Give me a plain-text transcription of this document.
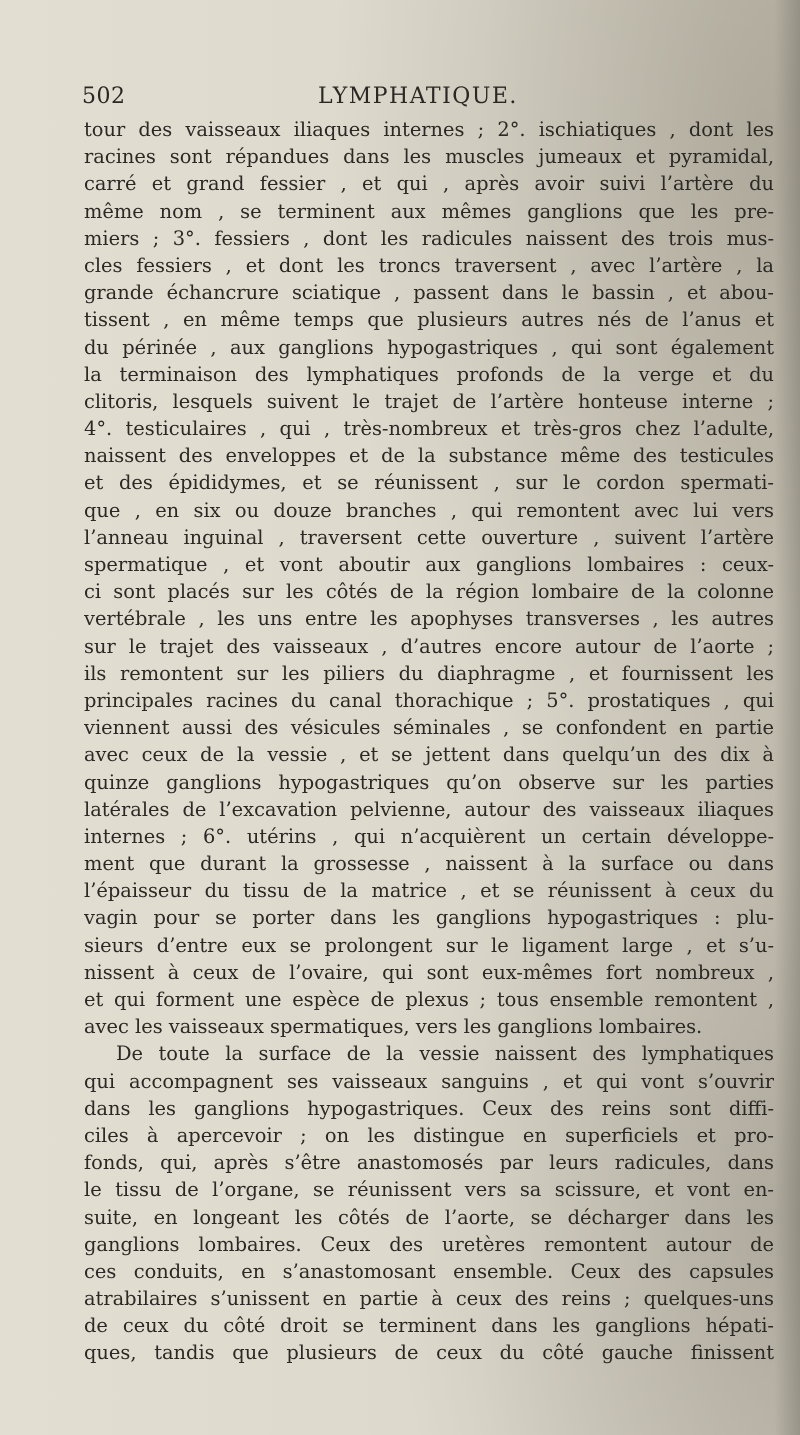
502	LYMPHATIQUE.
tour des vaisseaux iliaques internes ; 2°. ischiatiques , dont les
racines sont répandues dans les muscles jumeaux et pyramidal,
carré et grand fessier , et qui , après avoir suivi l’artère du
même nom , se terminent aux mêmes ganglions que les pre-
miers ; 3°. fessiers , dont les radicules naissent des trois mus-
cles fessiers , et dont les troncs traversent , avec l’artère , la
grande échancrure sciatique , passent dans le bassin , et abou-
tissent , en même temps que plusieurs autres nés de l’anus et
du périnée , aux ganglions hypogastriques , qui sont également
la terminaison des lymphatiques profonds de la verge et du
clitoris, lesquels suivent le trajet de l’artère honteuse interne ;
4°. testiculaires , qui , très-nombreux et très-gros chez l’adulte,
naissent des enveloppes et de la substance même des testicules
et des épididymes, et se réunissent , sur le cordon spermati-
que , en six ou douze branches , qui remontent avec lui vers
l’anneau inguinal , traversent cette ouverture , suivent l’artère
spermatique , et vont aboutir aux ganglions lombaires : ceux-
ci sont placés sur les côtés de la région lombaire de la colonne
vertébrale , les uns entre les apophyses transverses , les autres
sur le trajet des vaisseaux , d’autres encore autour de l’aorte ;
ils remontent sur les piliers du diaphragme , et fournissent les
principales racines du canal thorachique ; 5°. prostatiques , qui
viennent aussi des vésicules séminales , se confondent en partie
avec ceux de la vessie , et se jettent dans quelqu’un des dix à
quinze ganglions hypogastriques qu’on observe sur les parties
latérales de l’excavation pelvienne, autour des vaisseaux iliaques
internes ; 6°. utérins , qui n’acquièrent un certain développe-
ment que durant la grossesse , naissent à la surface ou dans
l’épaisseur du tissu de la matrice , et se réunissent à ceux du
vagin pour se porter dans les ganglions hypogastriques : plu-
sieurs d’entre eux se prolongent sur le ligament large , et s’u-
nissent à ceux de l’ovaire, qui sont eux-mêmes fort nombreux ,
et qui forment une espèce de plexus ; tous ensemble remontent ,
avec les vaisseaux spermatiques, vers les ganglions lombaires.
De toute la surface de la vessie naissent des lymphatiques
qui accompagnent ses vaisseaux sanguins , et qui vont s’ouvrir
dans les ganglions hypogastriques. Ceux des reins sont diffi-
ciles à apercevoir ; on les distingue en superficiels et pro-
fonds, qui, après s’être anastomosés par leurs radicules, dans
le tissu de l’organe, se réunissent vers sa scissure, et vont en-
suite, en longeant les côtés de l’aorte, se décharger dans les
ganglions lombaires. Ceux des uretères remontent autour de
ces conduits, en s’anastomosant ensemble. Ceux des capsules
atrabilaires s’unissent en partie à ceux des reins ; quelques-uns
de ceux du côté droit se terminent dans les ganglions hépati-
ques, tandis que plusieurs de ceux du côté gauche finissent
